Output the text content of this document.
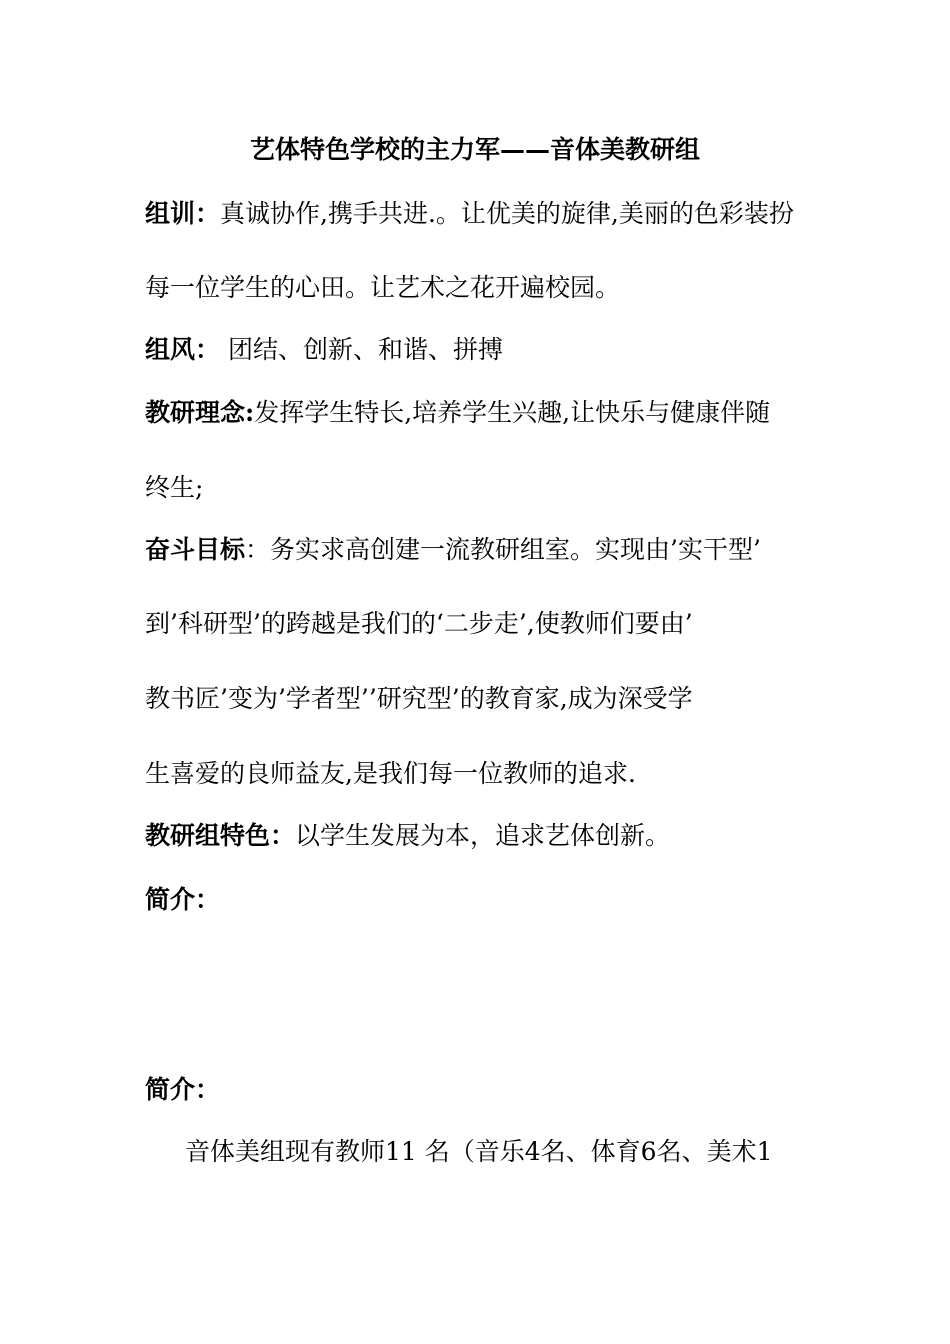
艺体特色学校的主力军——音体美教研组
组训：真诚协作,携手共进.。让优美的旋律,美丽的色彩装扮
每一位学生的心田。让艺术之花开遍校园。
组风： 团结、创新、和谐、拼搏
教研理念:发挥学生特长,培养学生兴趣,让快乐与健康伴随
终生;
奋斗目标：务实求高创建一流教研组室。实现由’实干型’
到’科研型’的跨越是我们的‘二步走’,使教师们要由’
教书匠’变为’学者型’’研究型’的教育家,成为深受学
生喜爱的良师益友,是我们每一位教师的追求.
教研组特色：以学生发展为本，追求艺体创新。
简介：
简介：
音体美组现有教师11 名（音乐4名、体育6名、美术1
